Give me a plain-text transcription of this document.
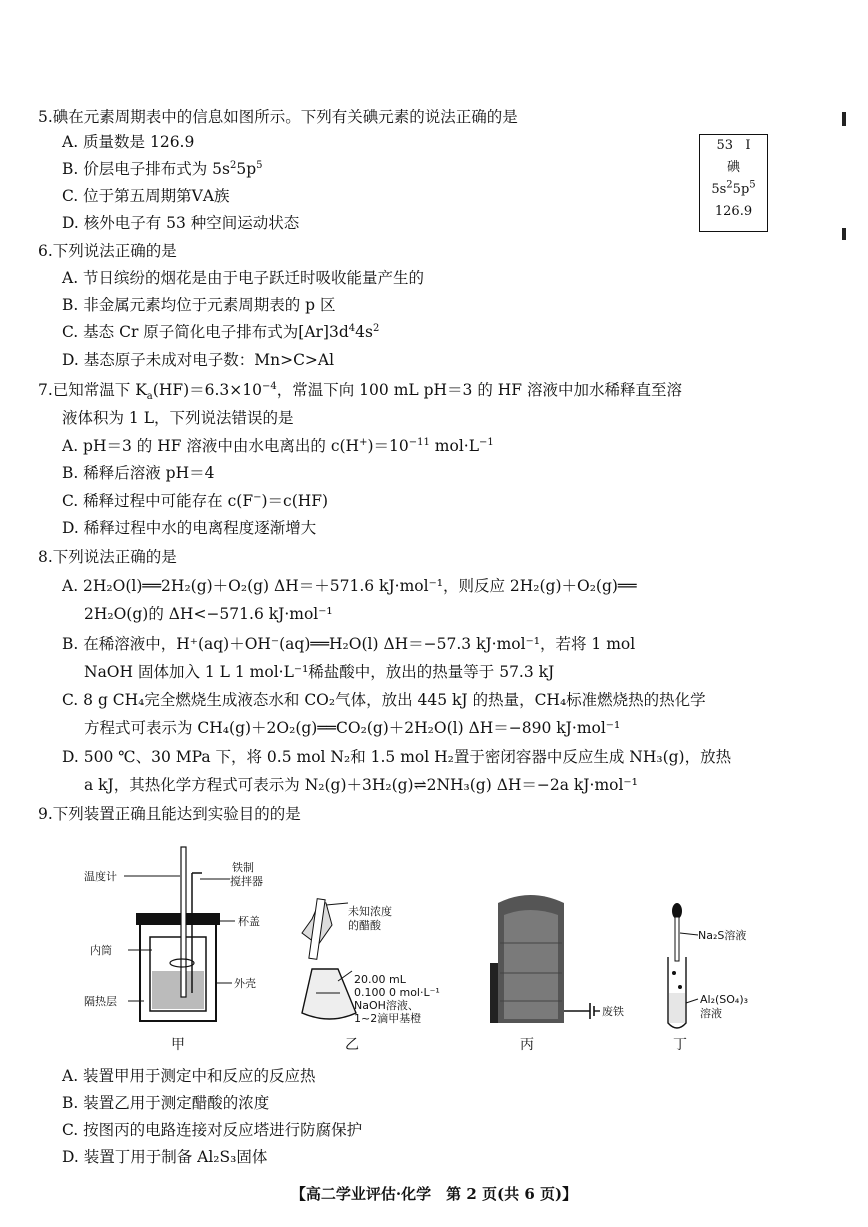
5.碘在元素周期表中的信息如图所示。下列有关碘元素的说法正确的是
A. 质量数是 126.9
B. 价层电子排布式为 $5s^25p^5$
C. 位于第五周期第ⅤA族
D. 核外电子有 53 种空间运动状态
53   I
碘
$5s^25p^5$
126.9
6.下列说法正确的是
A. 节日缤纷的烟花是由于电子跃迁时吸收能量产生的
B. 非金属元素均位于元素周期表的 p 区
C. 基态 Cr 原子简化电子排布式为$[Ar]3d^44s^2$
D. 基态原子未成对电子数：Mn>C>Al
7.已知常温下 $K_a(HF)=6.3\times 10^{-4}$，常温下向 100 mL pH＝3 的 HF 溶液中加水稀释直至溶
液体积为 1 L，下列说法错误的是
A. pH＝3 的 HF 溶液中由水电离出的 $c(H^+)=10^{-11}$ $mol\cdot L^{-1}$
B. 稀释后溶液 pH＝4
C. 稀释过程中可能存在 c(F−)＝c(HF)
D. 稀释过程中水的电离程度逐渐增大
8.下列说法正确的是
A. 2H₂O(l)══2H₂(g)＋O₂(g) ΔH＝＋571.6 kJ·mol⁻¹，则反应 2H₂(g)＋O₂(g)══
2H₂O(g)的 ΔH<−571.6 kJ·mol⁻¹
B. 在稀溶液中，H⁺(aq)＋OH⁻(aq)══H₂O(l) ΔH＝−57.3 kJ·mol⁻¹，若将 1 mol
NaOH 固体加入 1 L 1 mol·L⁻¹稀盐酸中，放出的热量等于 57.3 kJ
C. 8 g CH₄完全燃烧生成液态水和 CO₂气体，放出 445 kJ 的热量，CH₄标准燃烧热的热化学
方程式可表示为 CH₄(g)＋2O₂(g)══CO₂(g)＋2H₂O(l) ΔH＝−890 kJ·mol⁻¹
D. 500 ℃、30 MPa 下，将 0.5 mol N₂和 1.5 mol H₂置于密闭容器中反应生成 NH₃(g)，放热
a kJ，其热化学方程式可表示为 N₂(g)＋3H₂(g)⇌2NH₃(g) ΔH＝−2a kJ·mol⁻¹
9.下列装置正确且能达到实验目的的是
温度计
铁制
搅拌器
杯盖
内筒
外壳
隔热层
未知浓度
的醋酸
20.00 mL
0.100 0 mol·L⁻¹
NaOH溶液、
1~2滴甲基橙
废铁
Na₂S溶液
Al₂(SO₄)₃
溶液
甲	乙	丙	丁
A. 装置甲用于测定中和反应的反应热
B. 装置乙用于测定醋酸的浓度
C. 按图丙的电路连接对反应塔进行防腐保护
D. 装置丁用于制备 Al₂S₃固体
【高二学业评估·化学　第 2 页(共 6 页)】
